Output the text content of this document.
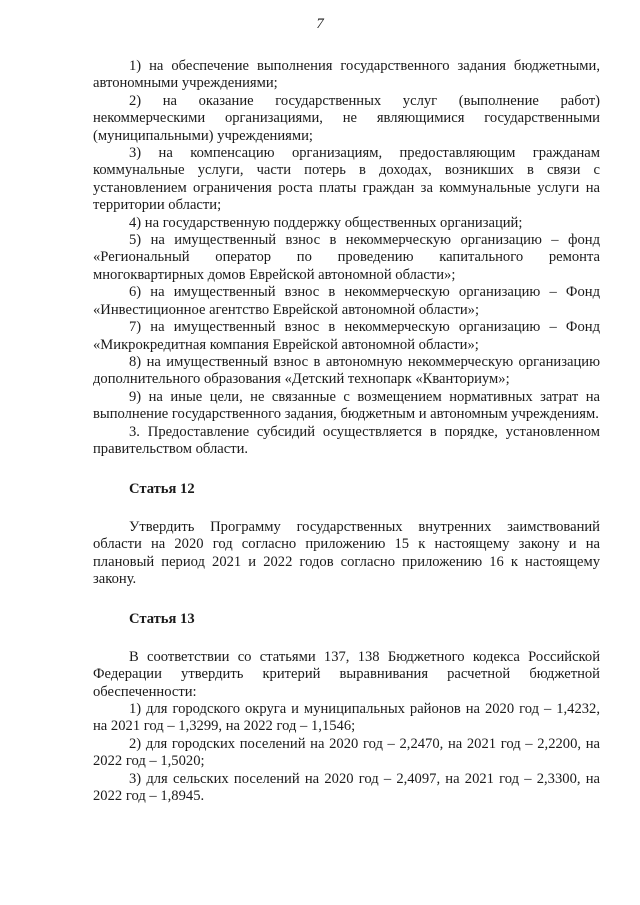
7

1) на обеспечение выполнения государственного задания бюджетными, автономными учреждениями;

2) на оказание государственных услуг (выполнение работ) некоммерческими организациями, не являющимися государственными (муниципальными) учреждениями;

3) на компенсацию организациям, предоставляющим гражданам коммунальные услуги, части потерь в доходах, возникших в связи с установлением ограничения роста платы граждан за коммунальные услуги на территории области;

4) на государственную поддержку общественных организаций;

5) на имущественный взнос в некоммерческую организацию – фонд «Региональный оператор по проведению капитального ремонта многоквартирных домов Еврейской автономной области»;

6) на имущественный взнос в некоммерческую организацию – Фонд «Инвестиционное агентство Еврейской автономной области»;

7) на имущественный взнос в некоммерческую организацию – Фонд «Микрокредитная компания Еврейской автономной области»;

8) на имущественный взнос в автономную некоммерческую организацию дополнительного образования «Детский технопарк «Кванториум»;

9) на иные цели, не связанные с возмещением нормативных затрат на выполнение государственного задания, бюджетным и автономным учреждениям.

3. Предоставление субсидий осуществляется в порядке, установленном правительством области.

Статья 12

Утвердить Программу государственных внутренних заимствований области на 2020 год согласно приложению 15 к настоящему закону и на плановый период 2021 и 2022 годов согласно приложению 16 к настоящему закону.

Статья 13

В соответствии со статьями 137, 138 Бюджетного кодекса Российской Федерации утвердить критерий выравнивания расчетной бюджетной обеспеченности:

1) для городского округа и муниципальных районов на 2020 год – 1,4232, на 2021 год – 1,3299, на 2022 год – 1,1546;

2) для городских поселений на 2020 год – 2,2470, на 2021 год – 2,2200, на 2022 год – 1,5020;

3) для сельских поселений на 2020 год – 2,4097, на 2021 год – 2,3300, на 2022 год – 1,8945.
